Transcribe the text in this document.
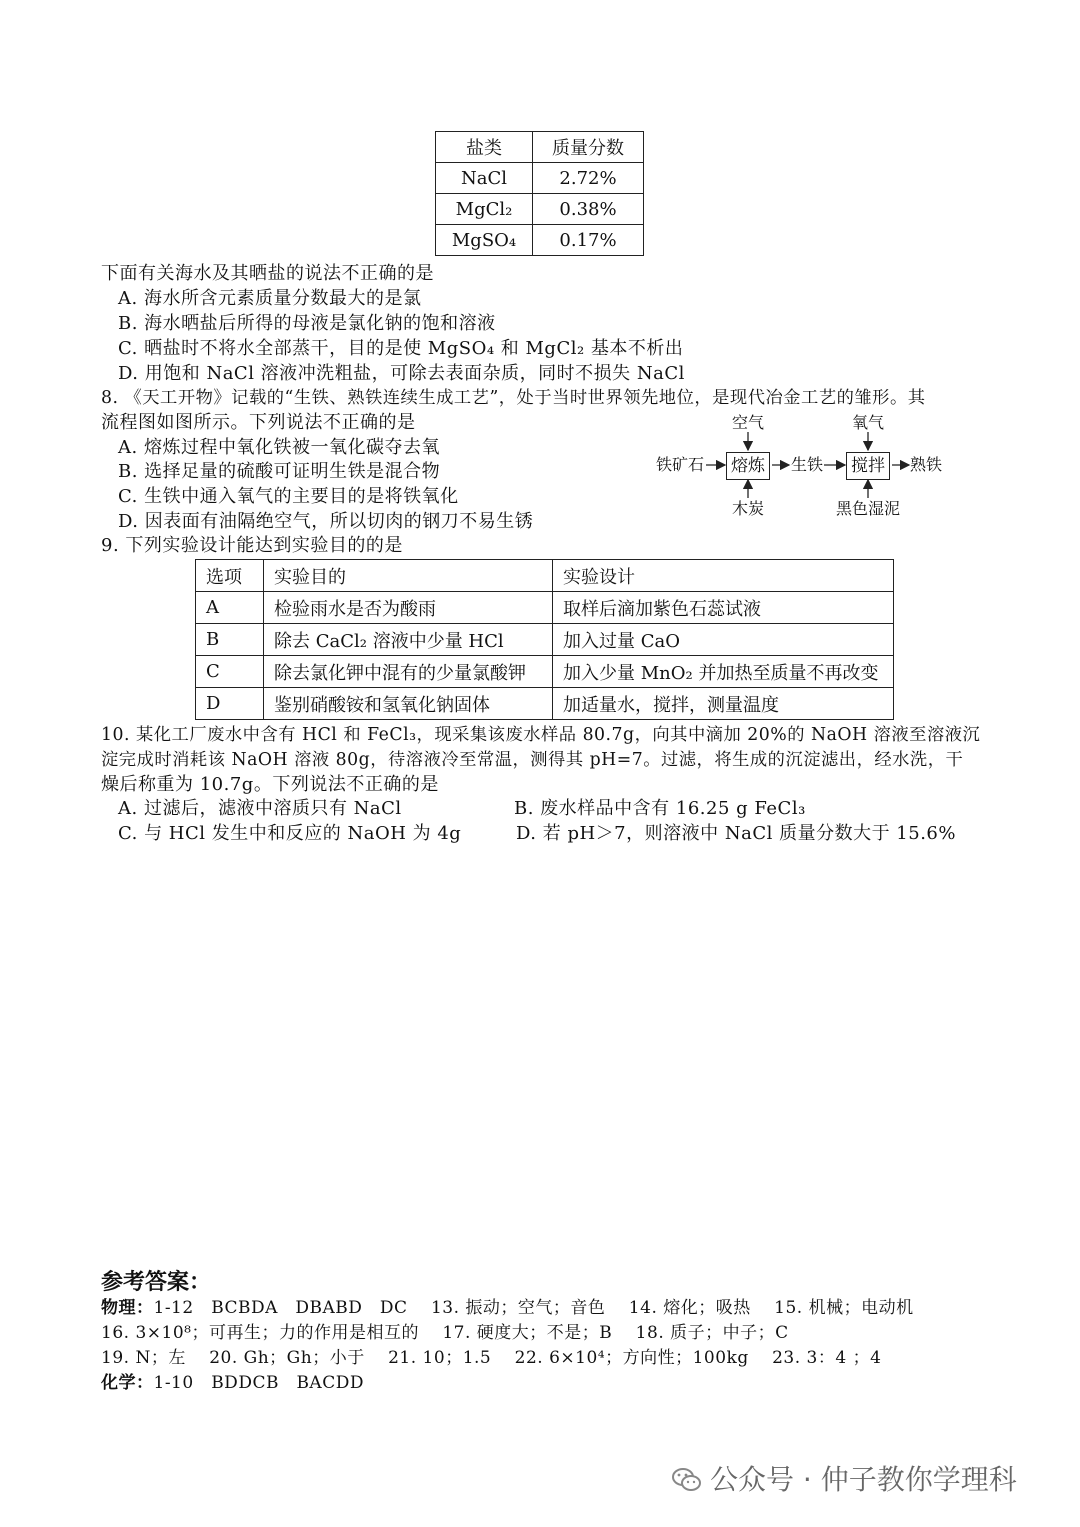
盐类	质量分数
NaCl	2.72%
MgCl₂	0.38%
MgSO₄	0.17%
下面有关海水及其晒盐的说法不正确的是
A. 海水所含元素质量分数最大的是氯
B. 海水晒盐后所得的母液是氯化钠的饱和溶液
C. 晒盐时不将水全部蒸干，目的是使 MgSO₄ 和 MgCl₂ 基本不析出
D. 用饱和 NaCl 溶液冲洗粗盐，可除去表面杂质，同时不损失 NaCl
8. 《天工开物》记载的“生铁、熟铁连续生成工艺”，处于当时世界领先地位，是现代冶金工艺的雏形。其
流程图如图所示。下列说法不正确的是
A. 熔炼过程中氧化铁被一氧化碳夺去氧
B. 选择足量的硫酸可证明生铁是混合物
C. 生铁中通入氧气的主要目的是将铁氧化
D. 因表面有油隔绝空气，所以切肉的钢刀不易生锈
铁矿石 熔炼
空气
木炭
生铁 搅拌
氧气
黑色湿泥
熟铁
9. 下列实验设计能达到实验目的的是
选项	实验目的	实验设计
A	检验雨水是否为酸雨	取样后滴加紫色石蕊试液
B	除去 CaCl₂ 溶液中少量 HCl	加入过量 CaO
C	除去氯化钾中混有的少量氯酸钾	加入少量 MnO₂ 并加热至质量不再改变
D	鉴别硝酸铵和氢氧化钠固体	加适量水，搅拌，测量温度
10. 某化工厂废水中含有 HCl 和 FeCl₃，现采集该废水样品 80.7g，向其中滴加 20%的 NaOH 溶液至溶液沉
淀完成时消耗该 NaOH 溶液 80g，待溶液冷至常温，测得其 pH=7。过滤，将生成的沉淀滤出，经水洗，干
燥后称重为 10.7g。下列说法不正确的是
A. 过滤后，滤液中溶质只有 NaCl	B. 废水样品中含有 16.25 g FeCl₃
C. 与 HCl 发生中和反应的 NaOH 为 4g	D. 若 pH＞7，则溶液中 NaCl 质量分数大于 15.6%
参考答案：
物理：1-12　BCBDA　DBABD　DC　 13. 振动；空气；音色　 14. 熔化；吸热　 15. 机械；电动机
16. 3×10⁸；可再生；力的作用是相互的　 17. 硬度大；不是；B　 18. 质子；中子；C
19. N；左　 20. Gh；Gh；小于　 21. 10；1.5　 22. 6×10⁴；方向性；100kg　 23. 3：4 ；4
化学：1-10　BDDCB　BACDD
公众号 · 仲子教你学理科
